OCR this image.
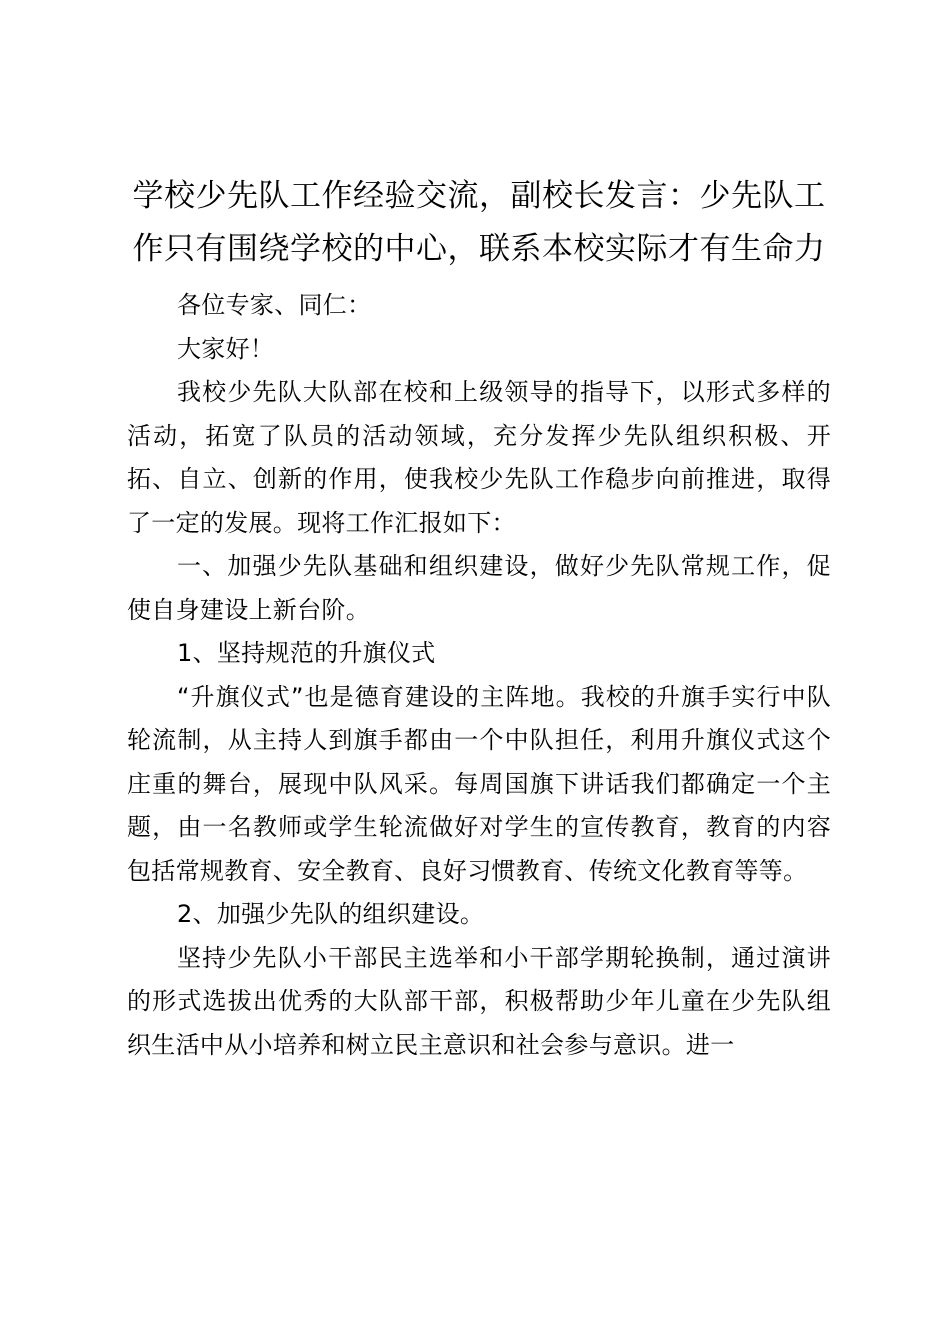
学校少先队工作经验交流，副校长发言：少先队工作只有围绕学校的中心，联系本校实际才有生命力

各位专家、同仁：

大家好！

我校少先队大队部在校和上级领导的指导下，以形式多样的活动，拓宽了队员的活动领域，充分发挥少先队组织积极、开拓、自立、创新的作用，使我校少先队工作稳步向前推进，取得了一定的发展。现将工作汇报如下：

一、加强少先队基础和组织建设，做好少先队常规工作，促使自身建设上新台阶。

1、坚持规范的升旗仪式

“升旗仪式”也是德育建设的主阵地。我校的升旗手实行中队轮流制，从主持人到旗手都由一个中队担任，利用升旗仪式这个庄重的舞台，展现中队风采。每周国旗下讲话我们都确定一个主题，由一名教师或学生轮流做好对学生的宣传教育，教育的内容包括常规教育、安全教育、良好习惯教育、传统文化教育等等。

2、加强少先队的组织建设。

坚持少先队小干部民主选举和小干部学期轮换制，通过演讲的形式选拔出优秀的大队部干部，积极帮助少年儿童在少先队组织生活中从小培养和树立民主意识和社会参与意识。进一
